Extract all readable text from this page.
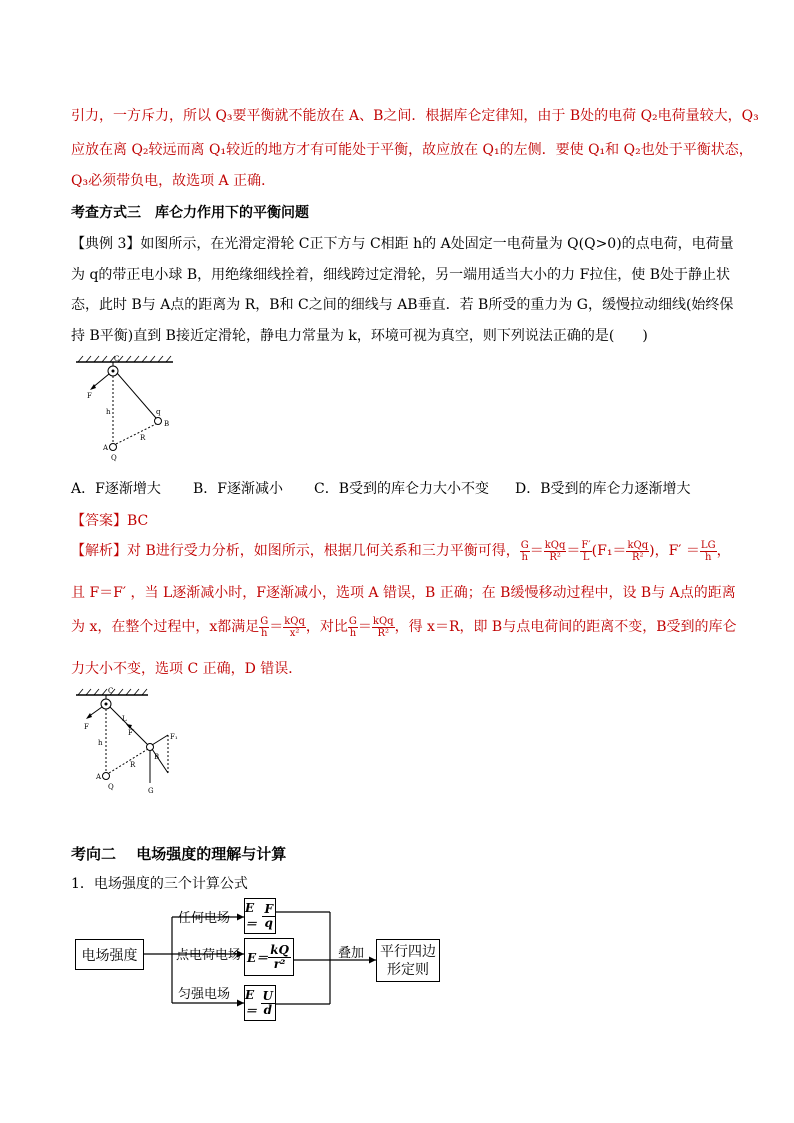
引力，一方斥力，所以 Q₃要平衡就不能放在 A、B之间．根据库仑定律知，由于 B处的电荷 Q₂电荷量较大，Q₃
应放在离 Q₂较远而离 Q₁较近的地方才有可能处于平衡，故应放在 Q₁的左侧．要使 Q₁和 Q₂也处于平衡状态，
Q₃必须带负电，故选项 A 正确．
考查方式三　库仑力作用下的平衡问题
【典例 3】如图所示，在光滑定滑轮 C正下方与 C相距 h的 A处固定一电荷量为 Q(Q>0)的点电荷，电荷量
为 q的带正电小球 B，用绝缘细线拴着，细线跨过定滑轮，另一端用适当大小的力 F拉住，使 B处于静止状
态，此时 B与 A点的距离为 R，B和 C之间的细线与 AB垂直．若 B所受的重力为 G，缓慢拉动细线(始终保
持 B平衡)直到 B接近定滑轮，静电力常量为 k，环境可视为真空，则下列说法正确的是(　　)
C
F
h	q
B
R
A
Q
A．F逐渐增大 B．F逐渐减小 C．B受到的库仑力大小不变 D．B受到的库仑力逐渐增大
【答案】BC
【解析】对 B进行受力分析，如图所示，根据几何关系和三力平衡可得， $\frac{G}{h} = \frac{\text{kQq}}{\text{R²}} = \frac{F'}{L} (F_1= \frac{\text{kQq}}{\text{R²}}$ )，$F' = \frac{LG}{h}$ ，
且 F＝F′ ，当 L逐渐减小时，F逐渐减小，选项 A 错误，B 正确；在 B缓慢移动过程中，设 B与 A点的距离
为 x，在整个过程中，x都满足 $\frac{G}{h} = \frac{\text{kQq}}{\text{x²}}$ ，对比 $\frac{G}{h} = \frac{\text{kQq}}{\text{R²}}$ ，得 x＝R，即 B与点电荷间的距离不变，B受到的库仑
力大小不变，选项 C 正确，D 错误．
C
F
L
F′	F₁
h
R
B
A
Q	G
考向二　 电场强度的理解与计算
1．电场强度的三个计算公式
电场强度
任何电场
点电荷电场
匀强电场
E＝
F
q
E＝
kQ
r²
E＝
U
d
叠加 平行四边
形定则
